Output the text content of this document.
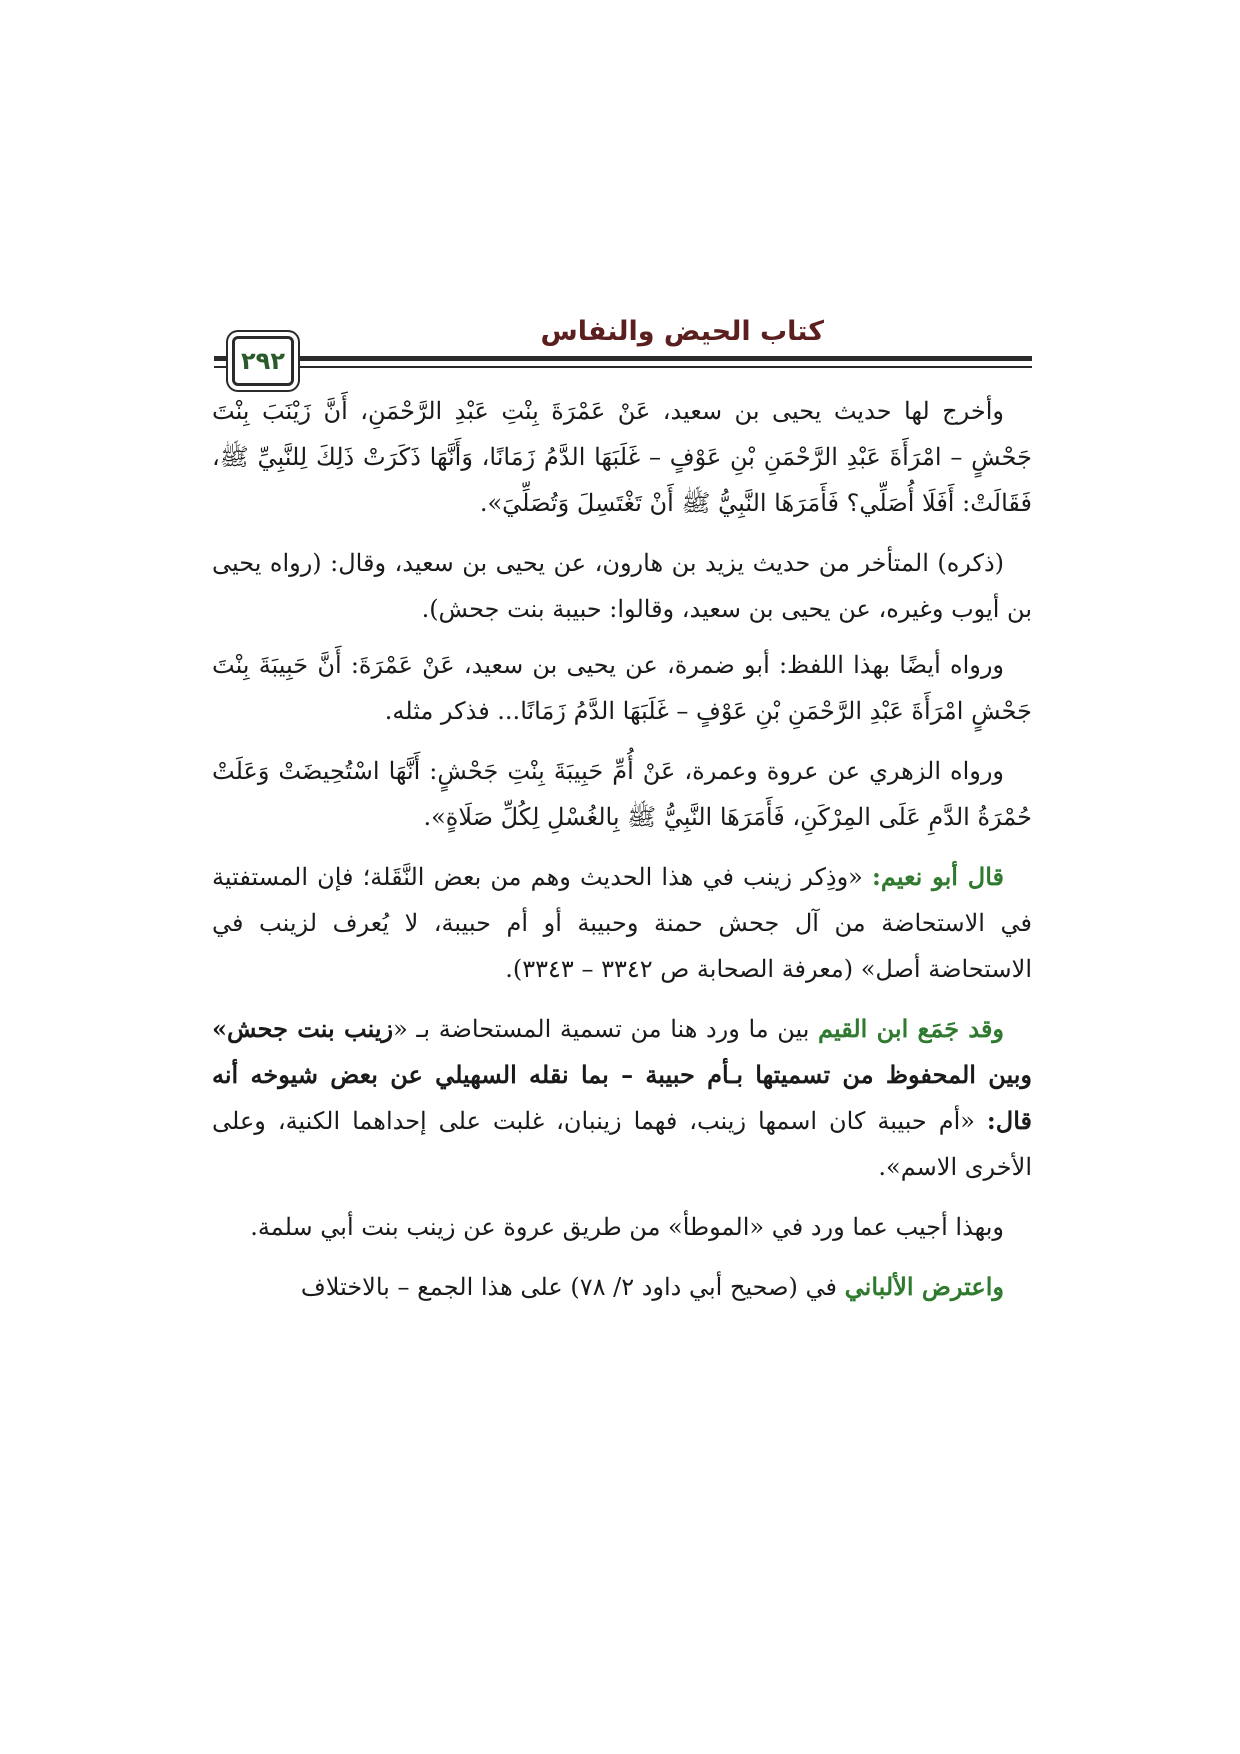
كتاب الحيض والنفاس
٢٩٢

وأخرج لها حديث يحيى بن سعيد، عَنْ عَمْرَةَ بِنْتِ عَبْدِ الرَّحْمَنِ، أَنَّ زَيْنَبَ بِنْتَ جَحْشٍ – امْرَأَةَ عَبْدِ الرَّحْمَنِ بْنِ عَوْفٍ – غَلَبَهَا الدَّمُ زَمَانًا، وَأَنَّهَا ذَكَرَتْ ذَلِكَ لِلنَّبِيِّ ﷺ، فَقَالَتْ: أَفَلَا أُصَلِّي؟ فَأَمَرَهَا النَّبِيُّ ﷺ أَنْ تَغْتَسِلَ وَتُصَلِّيَ».

(ذكره) المتأخر من حديث يزيد بن هارون، عن يحيى بن سعيد، وقال: (رواه يحيى بن أيوب وغيره، عن يحيى بن سعيد، وقالوا: حبيبة بنت جحش).

ورواه أيضًا بهذا اللفظ: أبو ضمرة، عن يحيى بن سعيد، عَنْ عَمْرَةَ: أَنَّ حَبِيبَةَ بِنْتَ جَحْشٍ امْرَأَةَ عَبْدِ الرَّحْمَنِ بْنِ عَوْفٍ – غَلَبَهَا الدَّمُ زَمَانًا... فذكر مثله.

ورواه الزهري عن عروة وعمرة، عَنْ أُمِّ حَبِيبَةَ بِنْتِ جَحْشٍ: أَنَّهَا اسْتُحِيضَتْ وَعَلَتْ حُمْرَةُ الدَّمِ عَلَى المِرْكَنِ، فَأَمَرَهَا النَّبِيُّ ﷺ بِالغُسْلِ لِكُلِّ صَلَاةٍ».

قال أبو نعيم: «وذِكر زينب في هذا الحديث وهم من بعض النَّقَلة؛ فإن المستفتية في الاستحاضة من آل جحش حمنة وحبيبة أو أم حبيبة، لا يُعرف لزينب في الاستحاضة أصل» (معرفة الصحابة ص ٣٣٤٢ – ٣٣٤٣).

وقد جَمَع ابن القيم بين ما ورد هنا من تسمية المستحاضة بـ «زينب بنت جحش» وبين المحفوظ من تسميتها بـأم حبيبة – بما نقله السهيلي عن بعض شيوخه أنه قال: «أم حبيبة كان اسمها زينب، فهما زينبان، غلبت على إحداهما الكنية، وعلى الأخرى الاسم».

وبهذا أجيب عما ورد في «الموطأ» من طريق عروة عن زينب بنت أبي سلمة.

واعترض الألباني في (صحيح أبي داود ٢/ ٧٨) على هذا الجمع – بالاختلاف
